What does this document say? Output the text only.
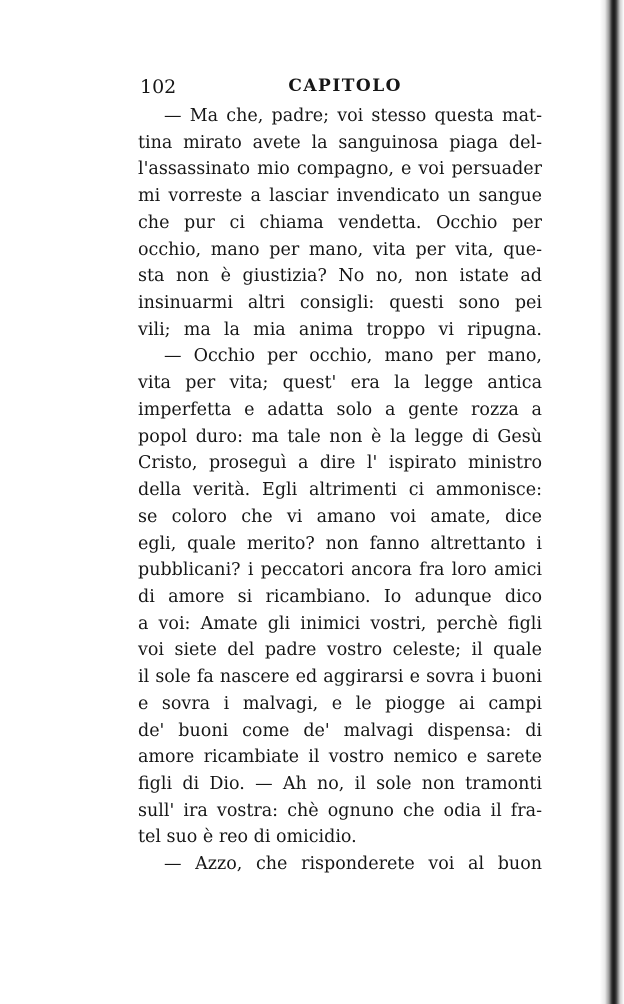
102	CAPITOLO
— Ma che, padre; voi stesso questa mat-
tina mirato avete la sanguinosa piaga del-
l'assassinato mio compagno, e voi persuader
mi vorreste a lasciar invendicato un sangue
che pur ci chiama vendetta. Occhio per
occhio, mano per mano, vita per vita, que-
sta non è giustizia? No no, non istate ad
insinuarmi altri consigli: questi sono pei
vili; ma la mia anima troppo vi ripugna.
— Occhio per occhio, mano per mano,
vita per vita; quest' era la legge antica
imperfetta e adatta solo a gente rozza a
popol duro: ma tale non è la legge di Gesù
Cristo, proseguì a dire l' ispirato ministro
della verità. Egli altrimenti ci ammonisce:
se coloro che vi amano voi amate, dice
egli, quale merito? non fanno altrettanto i
pubblicani? i peccatori ancora fra loro amici
di amore si ricambiano. Io adunque dico
a voi: Amate gli inimici vostri, perchè figli
voi siete del padre vostro celeste; il quale
il sole fa nascere ed aggirarsi e sovra i buoni
e sovra i malvagi, e le piogge ai campi
de' buoni come de' malvagi dispensa: di
amore ricambiate il vostro nemico e sarete
figli di Dio. — Ah no, il sole non tramonti
sull' ira vostra: chè ognuno che odia il fra-
tel suo è reo di omicidio.
— Azzo, che risponderete voi al buon
